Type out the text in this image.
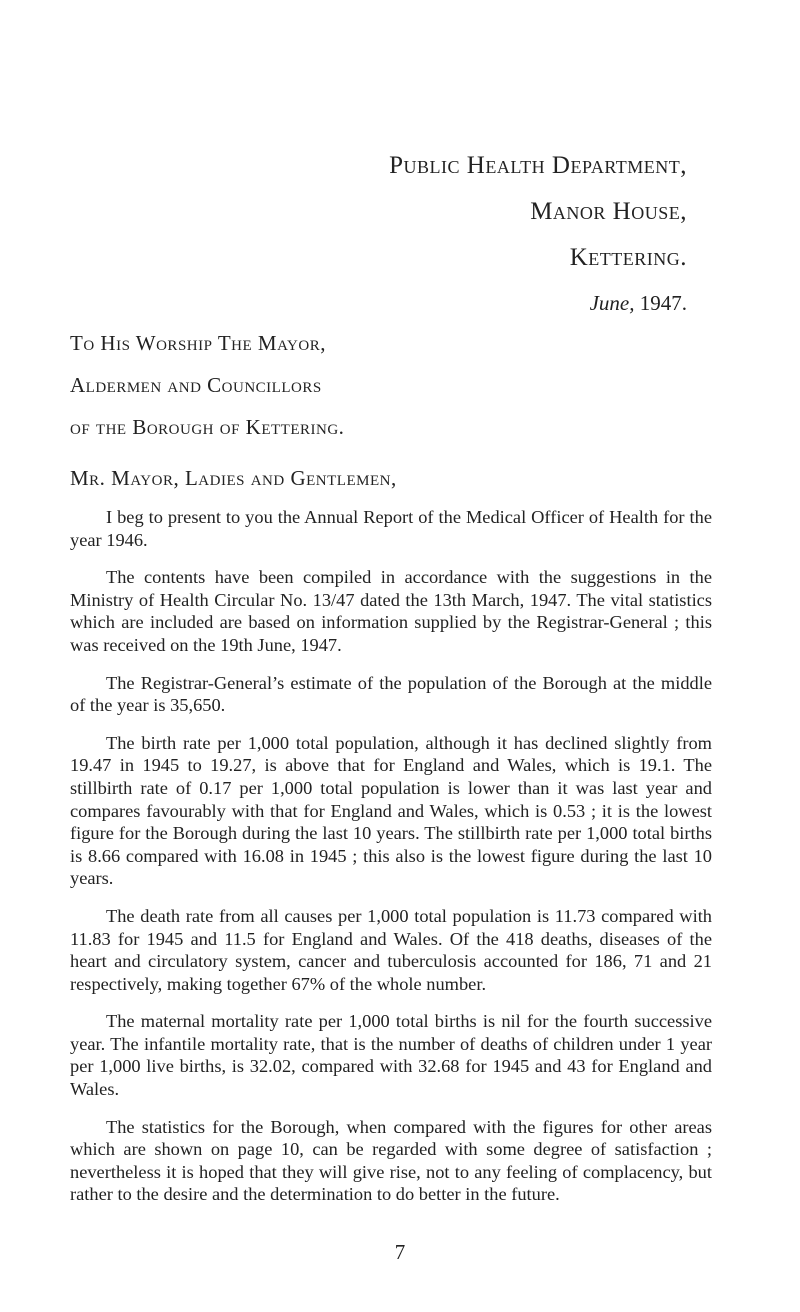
Public Health Department,
Manor House,
Kettering.
June, 1947.
To His Worship The Mayor,
Aldermen and Councillors
of the Borough of Kettering.
Mr. Mayor, Ladies and Gentlemen,

I beg to present to you the Annual Report of the Medical Officer of Health for the year 1946.

The contents have been compiled in accordance with the suggestions in the Ministry of Health Circular No. 13/47 dated the 13th March, 1947. The vital statistics which are included are based on information supplied by the Registrar-General ; this was received on the 19th June, 1947.

The Registrar-General’s estimate of the population of the Borough at the middle of the year is 35,650.

The birth rate per 1,000 total population, although it has declined slightly from 19.47 in 1945 to 19.27, is above that for England and Wales, which is 19.1. The stillbirth rate of 0.17 per 1,000 total population is lower than it was last year and compares favourably with that for England and Wales, which is 0.53 ; it is the lowest figure for the Borough during the last 10 years. The stillbirth rate per 1,000 total births is 8.66 compared with 16.08 in 1945 ; this also is the lowest figure during the last 10 years.

The death rate from all causes per 1,000 total population is 11.73 compared with 11.83 for 1945 and 11.5 for England and Wales. Of the 418 deaths, diseases of the heart and circulatory system, cancer and tuberculosis accounted for 186, 71 and 21 respectively, making together 67% of the whole number.

The maternal mortality rate per 1,000 total births is nil for the fourth successive year. The infantile mortality rate, that is the number of deaths of children under 1 year per 1,000 live births, is 32.02, compared with 32.68 for 1945 and 43 for England and Wales.

The statistics for the Borough, when compared with the figures for other areas which are shown on page 10, can be regarded with some degree of satisfaction ; nevertheless it is hoped that they will give rise, not to any feeling of complacency, but rather to the desire and the determination to do better in the future.

7
